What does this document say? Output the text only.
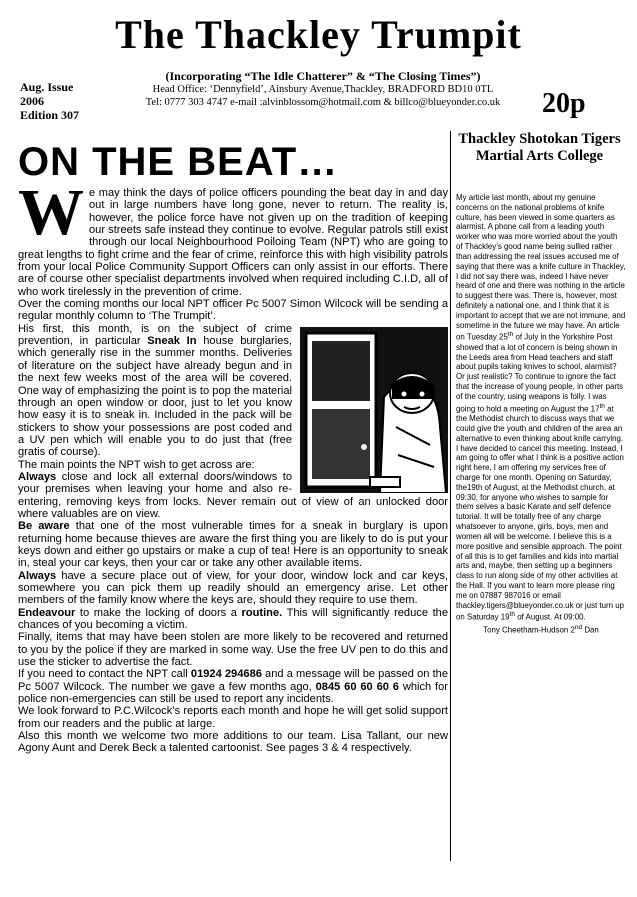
The Thackley Trumpit
Aug. Issue
2006
Edition 307
(Incorporating “The Idle Chatterer” & “The Closing Times”)
Head Office: ‘Dennyfield’, Ainsbury Avenue,Thackley, BRADFORD BD10 0TL
Tel: 0777 303 4747 e-mail :alvinblossom@hotmail.com & billco@blueyonder.co.uk	20p
ON THE BEAT…

We may think the days of police officers pounding the beat day in and day out in large numbers have long gone, never to return. The reality is, however, the police force have not given up on the tradition of keeping our streets safe instead they continue to evolve. Regular patrols still exist through our local Neighbourhood Poiloing Team (NPT) who are going to great lengths to fight crime and the fear of crime, reinforce this with high visibility patrols from your local Police Community Support Officers can only assist in our efforts. There are of course other specialist departments involved when required including C.I.D, all of who work tirelessly in the prevention of crime.

Over the coming months our local NPT officer Pc 5007 Simon Wilcock will be sending a regular monthly column to ‘The Trumpit’.

His first, this month, is on the subject of crime prevention, in particular Sneak In house burglaries, which generally rise in the summer months. Deliveries of literature on the subject have already begun and in the next few weeks most of the area will be covered. One way of emphasizing the point is to pop the material through an open window or door, just to let you know how easy it is to sneak in. Included in the pack will be stickers to show your possessions are post coded and a UV pen which will enable you to do just that (free gratis of course).

The main points the NPT wish to get across are:

Always close and lock all external doors/windows to your premises when leaving your home and also re-entering, removing keys from locks. Never remain out of view of an unlocked door where valuables are on view.

Be aware that one of the most vulnerable times for a sneak in burglary is upon returning home because thieves are aware the first thing you are likely to do is put your keys down and either go upstairs or make a cup of tea! Here is an opportunity to sneak in, steal your car keys, then your car or take any other available items.

Always have a secure place out of view, for your door, window lock and car keys, somewhere you can pick them up readily should an emergency arise. Let other members of the family know where the keys are, should they require to use them.

Endeavour to make the locking of doors a routine. This will significantly reduce the chances of you becoming a victim.

Finally, items that may have been stolen are more likely to be recovered and returned to you by the police if they are marked in some way. Use the free UV pen to do this and use the sticker to advertise the fact.

If you need to contact the NPT call 01924 294686 and a message will be passed on the Pc 5007 Wilcock. The number we gave a few months ago, 0845 60 60 60 6 which for police non-emergencies can still be used to report any incidents.

We look forward to P.C.Wilcock’s reports each month and hope he will get solid support from our readers and the public at large.

Also this month we welcome two more additions to our team. Lisa Tallant, our new Agony Aunt and Derek Beck a talented cartoonist. See pages 3 & 4 respectively.

Thackley Shotokan Tigers Martial Arts College

My article last month, about my genuine concerns on the national problems of knife culture, has been viewed in some quarters as alarmist. A phone call from a leading youth worker who was more worried about the youth of Thackley’s good name being sullied rather than addressing the real issues accused me of saying that there was a knife culture in Thackley, I did not say there was, indeed I have never heard of one and there was nothing in the article to suggest there was. There is, however, most definitely a national one, and I think that it is important to accept that we are not immune, and sometime in the future we may have. An article on Tuesday 25th of July in the Yorkshire Post showed that a lot of concern is being shown in the Leeds area from Head teachers and staff about pupils taking knives to school, alarmist? Or just realistic? To continue to ignore the fact that the increase of young people, in other parts of the country, using weapons is folly. I was going to hold a meeting on August the 17th at the Methodist church to discuss ways that we could give the youth and children of the area an alternative to even thinking about knife carrying.

I have decided to cancel this meeting. Instead, I am going to offer what I think is a positive action right here, I am offering my services free of charge for one month. Opening on Saturday, the19th of August, at the Methodist church, at 09:30, for anyone who wishes to sample for them selves a basic Karate and self defence tutorial. It will be totally free of any charge whatsoever to anyone, girls, boys, men and women all will be welcome. I believe this is a more positive and sensible approach. The point of all this is to get families and kids into martial arts and, maybe, then setting up a beginners class to run along side of my other activities at the Hall. If you want to learn more please ring me on 07887 987016 or email thackley.tigers@blueyonder.co.uk or just turn up on Saturday 19th of August. At 09:00.

Tony Cheetham-Hudson 2nd Dan
